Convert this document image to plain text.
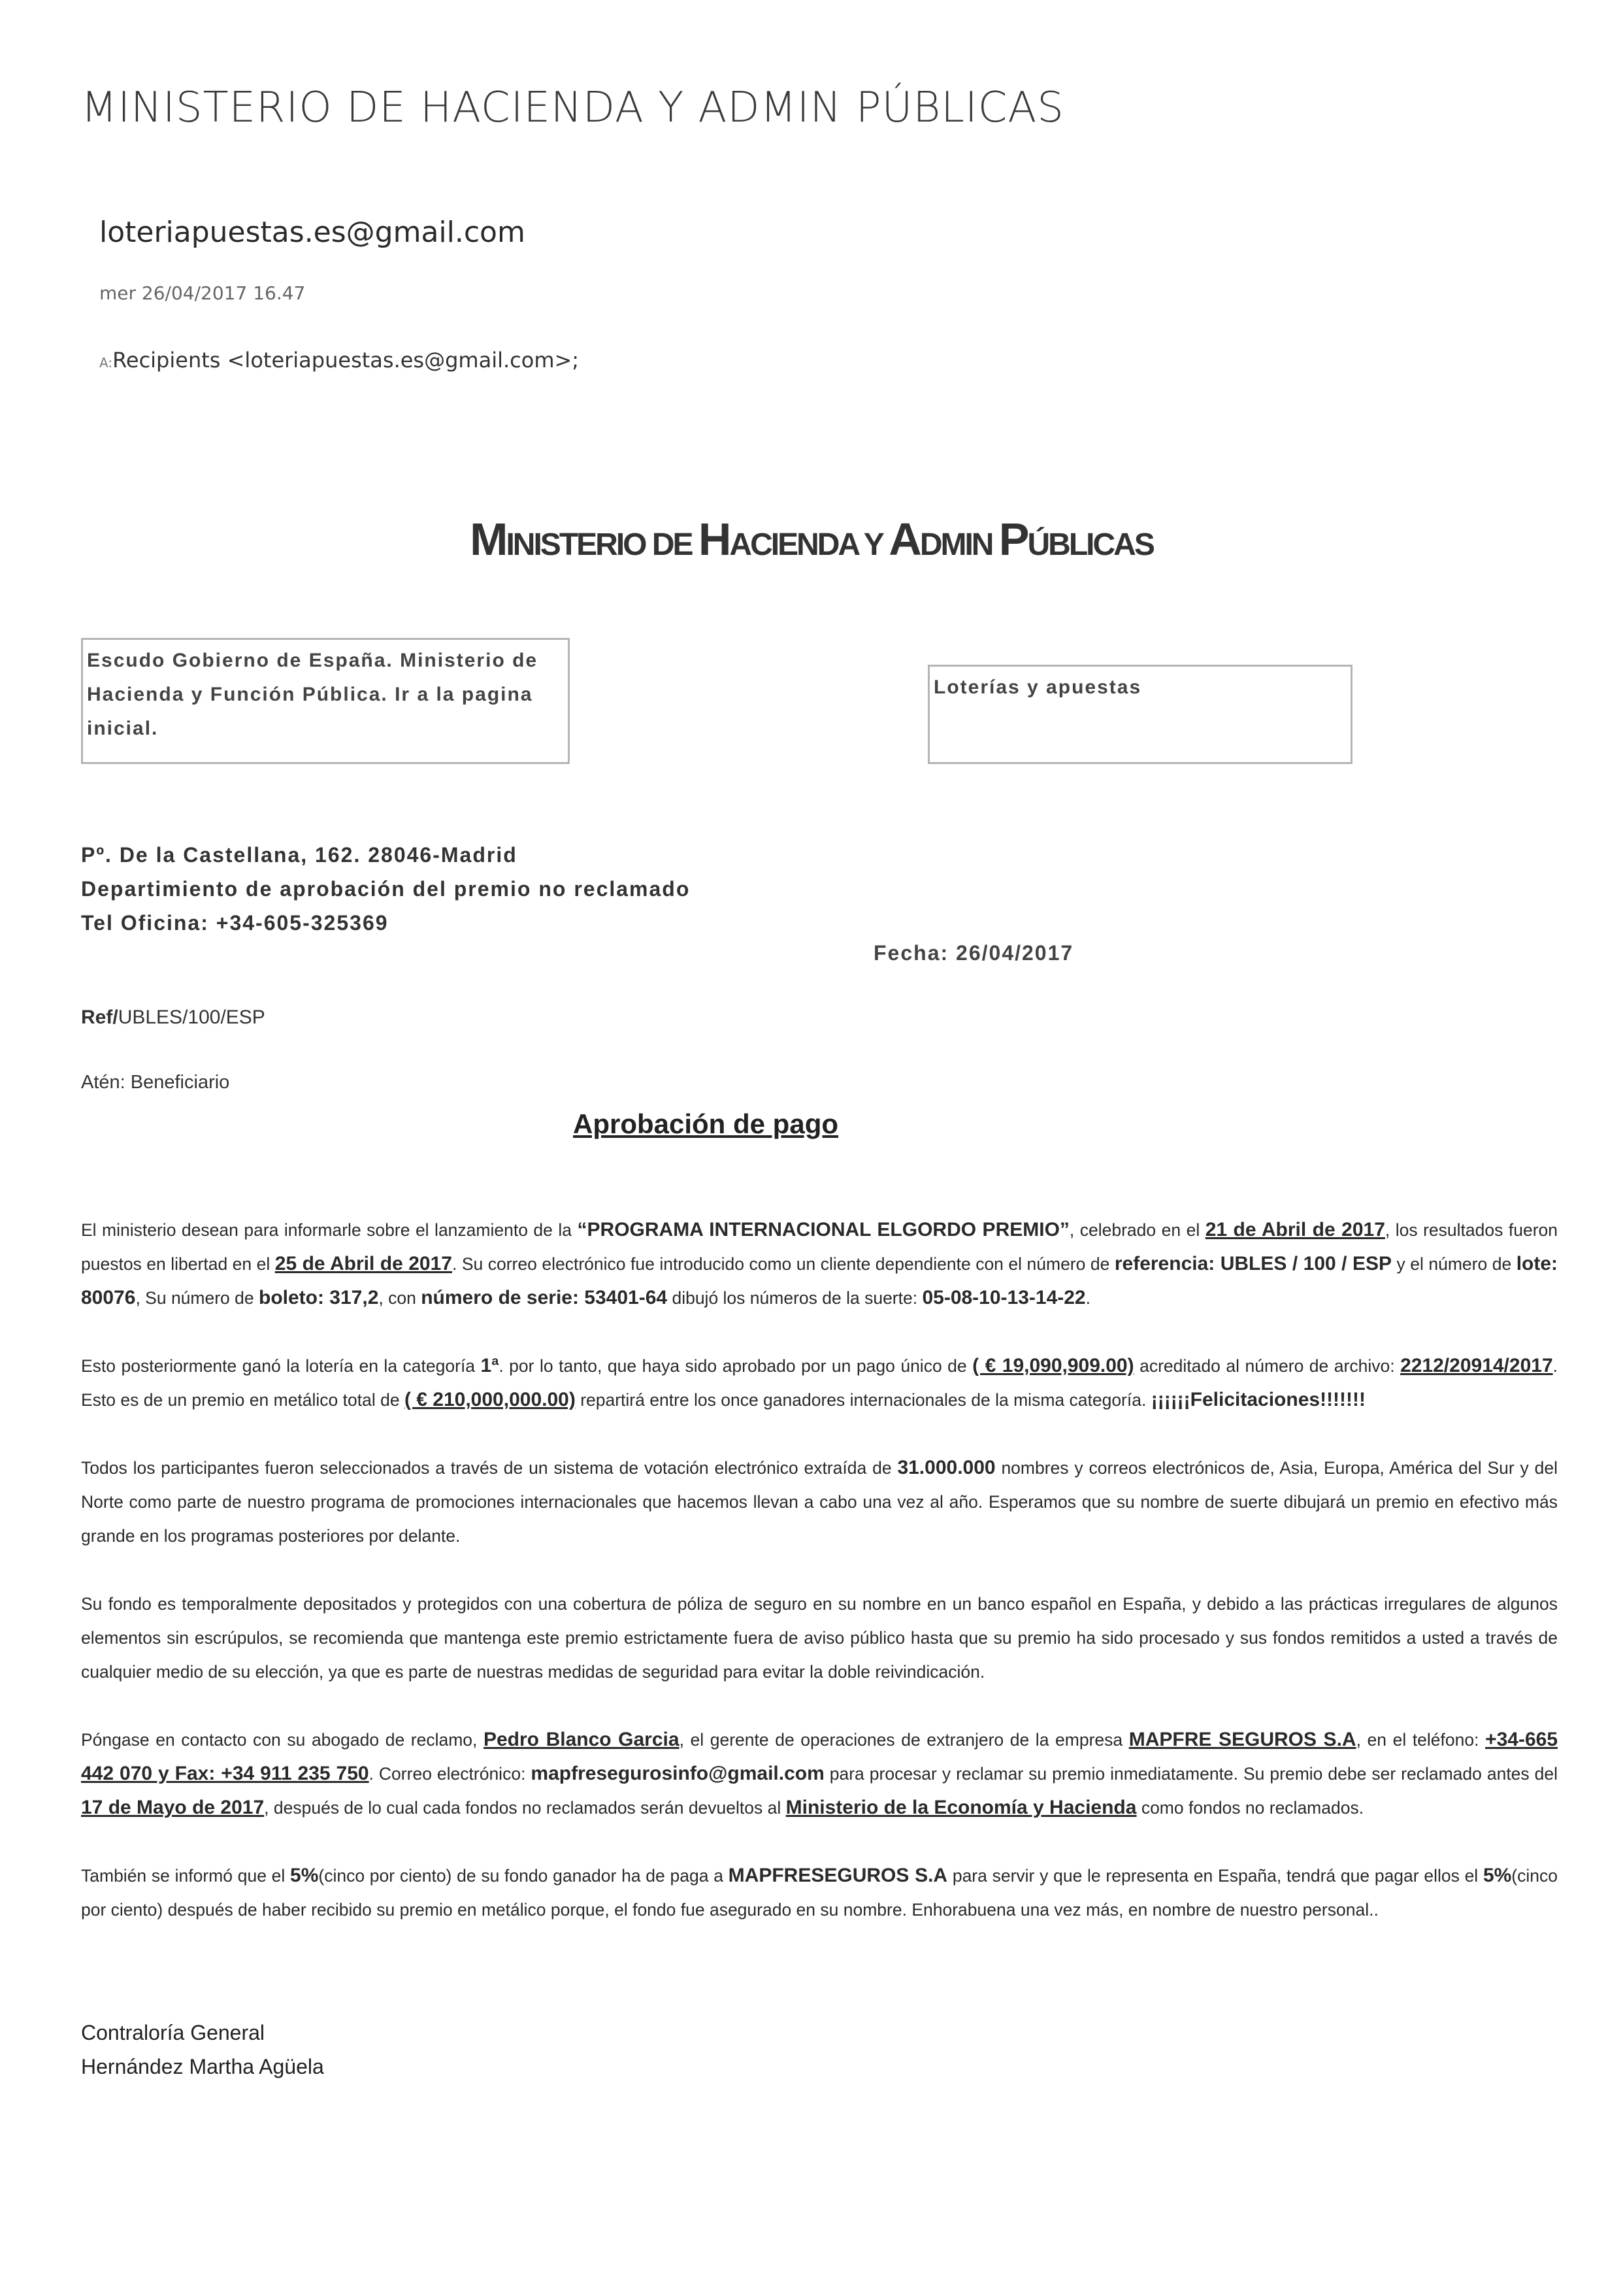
MINISTERIO DE HACIENDA Y ADMIN PÚBLICAS
loteriapuestas.es@gmail.com
mer 26/04/2017 16.47
A:Recipients <loteriapuestas.es@gmail.com>;
MINISTERIO DE HACIENDA Y ADMIN PÚBLICAS
Escudo Gobierno de España. Ministerio de Hacienda y Función Pública. Ir a la pagina inicial.
Loterías y apuestas
Pº. De la Castellana, 162. 28046-Madrid
Departimiento de aprobación del premio no reclamado
Tel Oficina: +34-605-325369
Fecha: 26/04/2017
Ref/UBLES/100/ESP
Atén: Beneficiario
Aprobación de pago

El ministerio desean para informarle sobre el lanzamiento de la “PROGRAMA INTERNACIONAL ELGORDO PREMIO”, celebrado en el 21 de Abril de 2017, los resultados fueron puestos en libertad en el 25 de Abril de 2017. Su correo electrónico fue introducido como un cliente dependiente con el número de referencia: UBLES / 100 / ESP y el número de lote: 80076, Su número de boleto: 317,2, con número de serie: 53401-64 dibujó los números de la suerte: 05-08-10-13-14-22.

Esto posteriormente ganó la lotería en la categoría 1ª. por lo tanto, que haya sido aprobado por un pago único de ( € 19,090,909.00) acreditado al número de archivo: 2212/20914/2017. Esto es de un premio en metálico total de ( € 210,000,000.00) repartirá entre los once ganadores internacionales de la misma categoría. ¡¡¡¡¡¡Felicitaciones!!!!!!!

Todos los participantes fueron seleccionados a través de un sistema de votación electrónico extraída de 31.000.000 nombres y correos electrónicos de, Asia, Europa, América del Sur y del Norte como parte de nuestro programa de promociones internacionales que hacemos llevan a cabo una vez al año. Esperamos que su nombre de suerte dibujará un premio en efectivo más grande en los programas posteriores por delante.

Su fondo es temporalmente depositados y protegidos con una cobertura de póliza de seguro en su nombre en un banco español en España, y debido a las prácticas irregulares de algunos elementos sin escrúpulos, se recomienda que mantenga este premio estrictamente fuera de aviso público hasta que su premio ha sido procesado y sus fondos remitidos a usted a través de cualquier medio de su elección, ya que es parte de nuestras medidas de seguridad para evitar la doble reivindicación.

Póngase en contacto con su abogado de reclamo, Pedro Blanco Garcia, el gerente de operaciones de extranjero de la empresa MAPFRE SEGUROS S.A, en el teléfono: +34-665 442 070 y Fax: +34 911 235 750. Correo electrónico: mapfresegurosinfo@gmail.com para procesar y reclamar su premio inmediatamente. Su premio debe ser reclamado antes del 17 de Mayo de 2017, después de lo cual cada fondos no reclamados serán devueltos al Ministerio de la Economía y Hacienda como fondos no reclamados.

También se informó que el 5%(cinco por ciento) de su fondo ganador ha de paga a MAPFRESEGUROS S.A para servir y que le representa en España, tendrá que pagar ellos el 5%(cinco por ciento) después de haber recibido su premio en metálico porque, el fondo fue asegurado en su nombre. Enhorabuena una vez más, en nombre de nuestro personal..

Contraloría General
Hernández Martha Agüela
